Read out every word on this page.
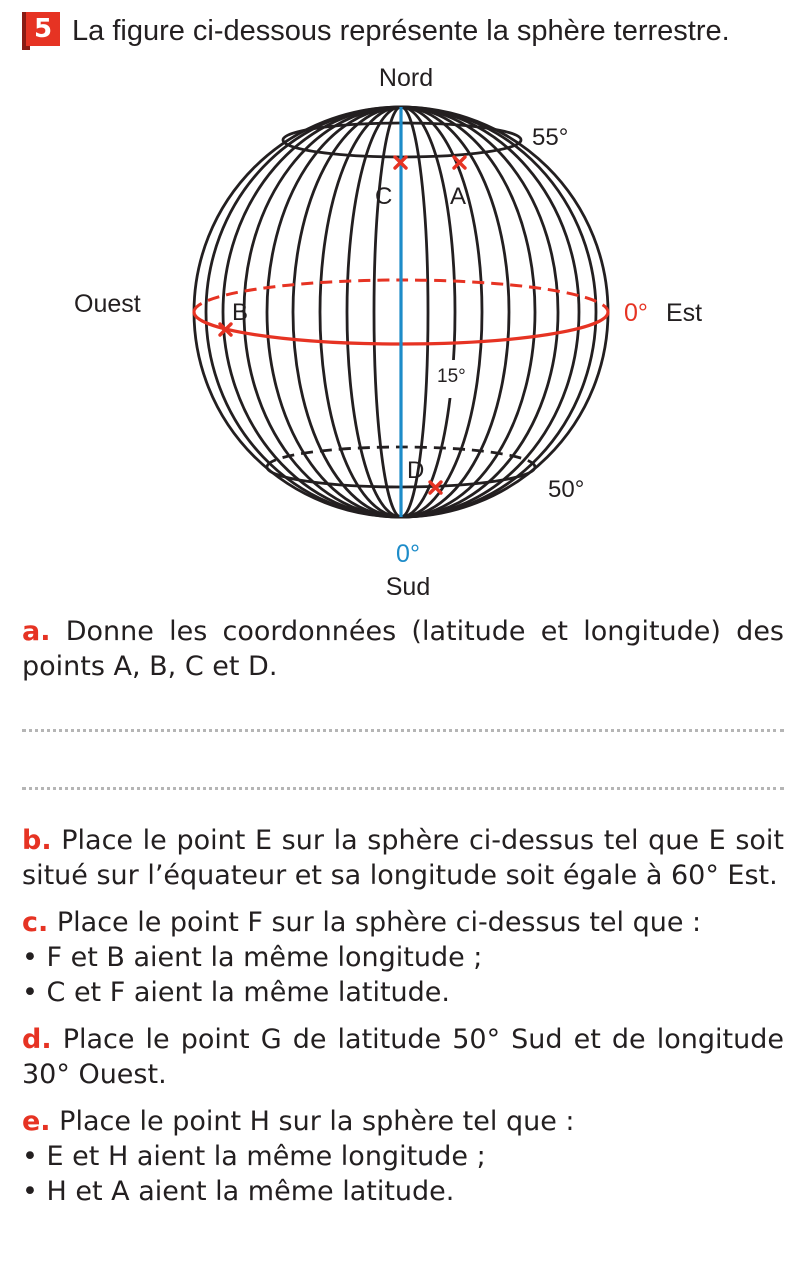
5 La figure ci-dessous représente la sphère terrestre.
Nord
Sud
Ouest	Est
0°
0°
55°
50°
15°
A
C
B
D

a. Donne les coordonnées (latitude et longitude) des points A, B, C et D.

b. Place le point E sur la sphère ci-dessus tel que E soit situé sur l’équateur et sa longitude soit égale à 60° Est.

c. Place le point F sur la sphère ci-dessus tel que :

• F et B aient la même longitude ;

• C et F aient la même latitude.

d. Place le point G de latitude 50° Sud et de longitude 30° Ouest.

e. Place le point H sur la sphère tel que :

• E et H aient la même longitude ;

• H et A aient la même latitude.
